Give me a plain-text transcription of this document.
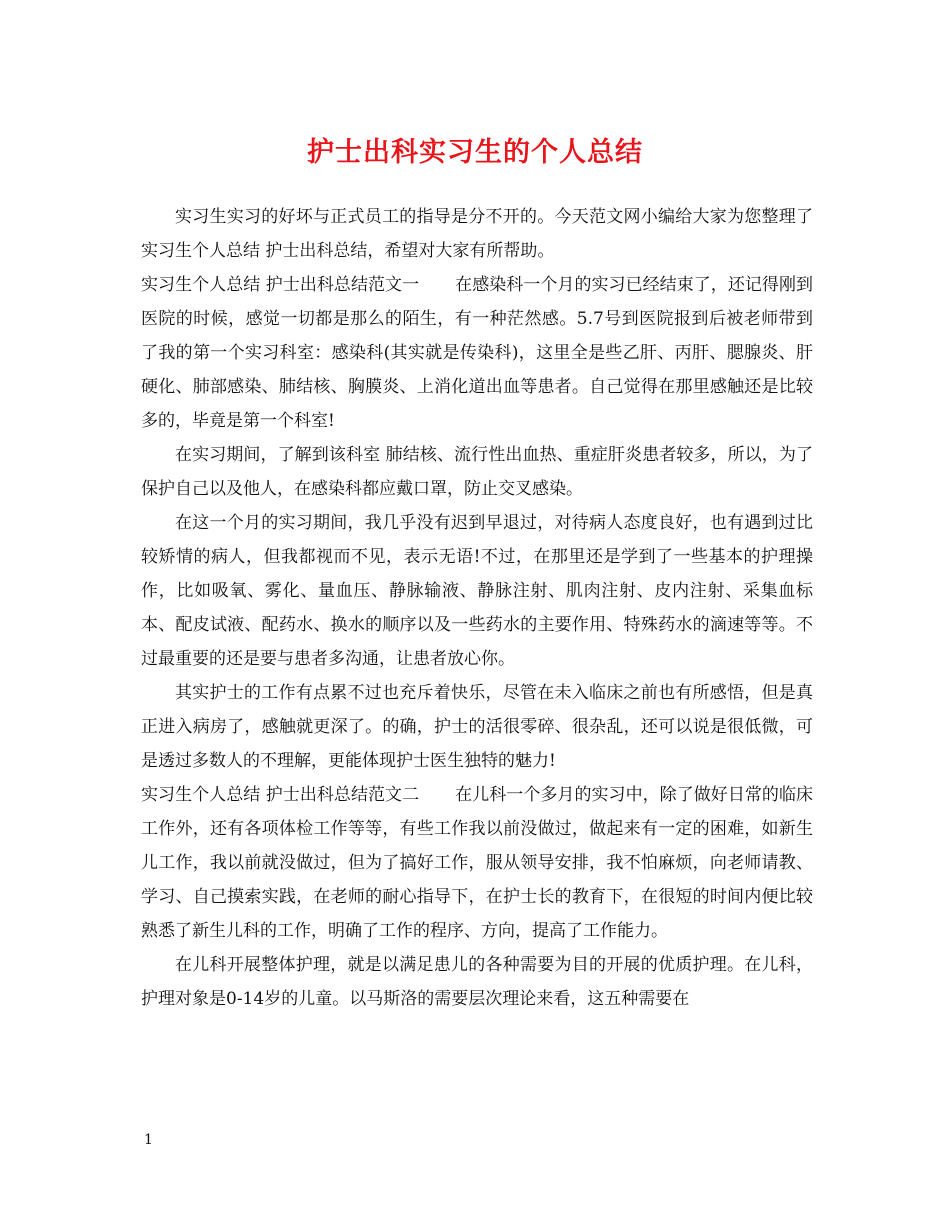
护士出科实习生的个人总结

实习生实习的好坏与正式员工的指导是分不开的。今天范文网小编给大家为您整理了实习生个人总结 护士出科总结，希望对大家有所帮助。

实习生个人总结 护士出科总结范文一 在感染科一个月的实习已经结束了，还记得刚到医院的时候，感觉一切都是那么的陌生，有一种茫然感。5.7号到医院报到后被老师带到了我的第一个实习科室：感染科(其实就是传染科)，这里全是些乙肝、丙肝、腮腺炎、肝硬化、肺部感染、肺结核、胸膜炎、上消化道出血等患者。自己觉得在那里感触还是比较多的，毕竟是第一个科室!

在实习期间，了解到该科室 肺结核、流行性出血热、重症肝炎患者较多，所以，为了保护自己以及他人，在感染科都应戴口罩，防止交叉感染。

在这一个月的实习期间，我几乎没有迟到早退过，对待病人态度良好，也有遇到过比较矫情的病人，但我都视而不见，表示无语!不过，在那里还是学到了一些基本的护理操作，比如吸氧、雾化、量血压、静脉输液、静脉注射、肌肉注射、皮内注射、采集血标本、配皮试液、配药水、换水的顺序以及一些药水的主要作用、特殊药水的滴速等等。不过最重要的还是要与患者多沟通，让患者放心你。

其实护士的工作有点累不过也充斥着快乐，尽管在未入临床之前也有所感悟，但是真正进入病房了，感触就更深了。的确，护士的活很零碎、很杂乱，还可以说是很低微，可是透过多数人的不理解，更能体现护士医生独特的魅力!

实习生个人总结 护士出科总结范文二 在儿科一个多月的实习中，除了做好日常的临床工作外，还有各项体检工作等等，有些工作我以前没做过，做起来有一定的困难，如新生儿工作，我以前就没做过，但为了搞好工作，服从领导安排，我不怕麻烦，向老师请教、学习、自己摸索实践，在老师的耐心指导下，在护士长的教育下，在很短的时间内便比较熟悉了新生儿科的工作，明确了工作的程序、方向，提高了工作能力。

在儿科开展整体护理，就是以满足患儿的各种需要为目的开展的优质护理。在儿科，护理对象是0-14岁的儿童。以马斯洛的需要层次理论来看，这五种需要在

1
